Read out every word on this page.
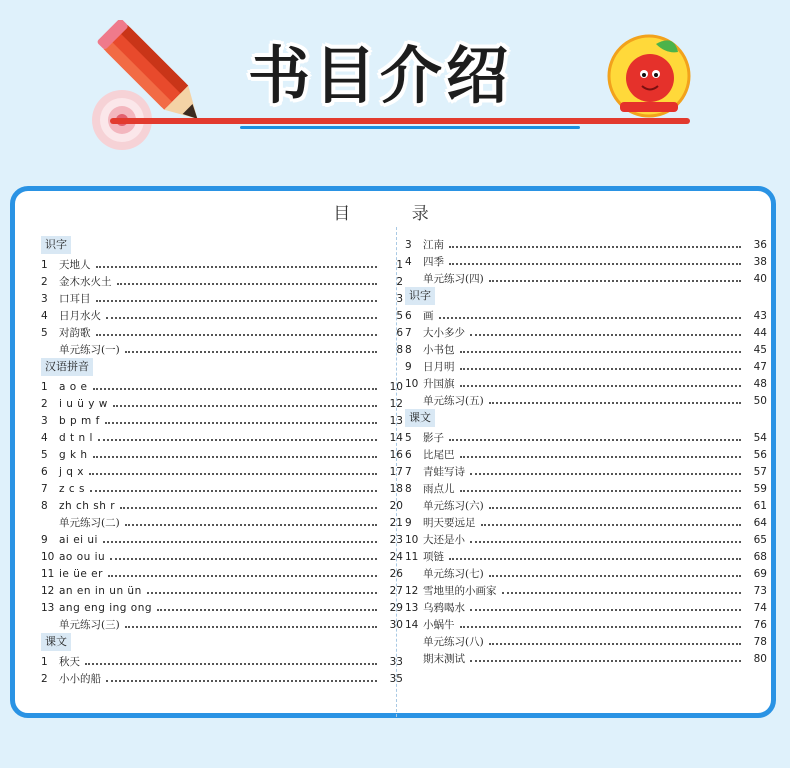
书目介绍
目 录
识字
1	天地人	1
2	金木水火土	2
3	口耳目	3
4	日月水火	5
5	对韵歌	6
单元练习(一)	8
汉语拼音
1	a o e	10
2	i u ü y w	12
3	b p m f	13
4	d t n l	14
5	g k h	16
6	j q x	17
7	z c s	18
8	zh ch sh r	20
单元练习(二)	21
9	ai ei ui	23
10 ao ou iu	24
11 ie üe er	26
12 an en in un ün	27
13 ang eng ing ong	29
单元练习(三)	30
课文
1	秋天	33
2	小小的船	35
3	江南	36
4	四季	38
单元练习(四)	40
识字
6	画	43
7	大小多少	44
8	小书包	45
9	日月明	47
10 升国旗	48
单元练习(五)	50
课文
5	影子	54
6	比尾巴	56
7	青蛙写诗	57
8	雨点儿	59
单元练习(六)	61
9	明天要远足	64
10 大还是小	65
11 项链	68
单元练习(七)	69
12 雪地里的小画家	73
13 乌鸦喝水	74
14 小蜗牛	76
单元练习(八)	78
期末测试	80
